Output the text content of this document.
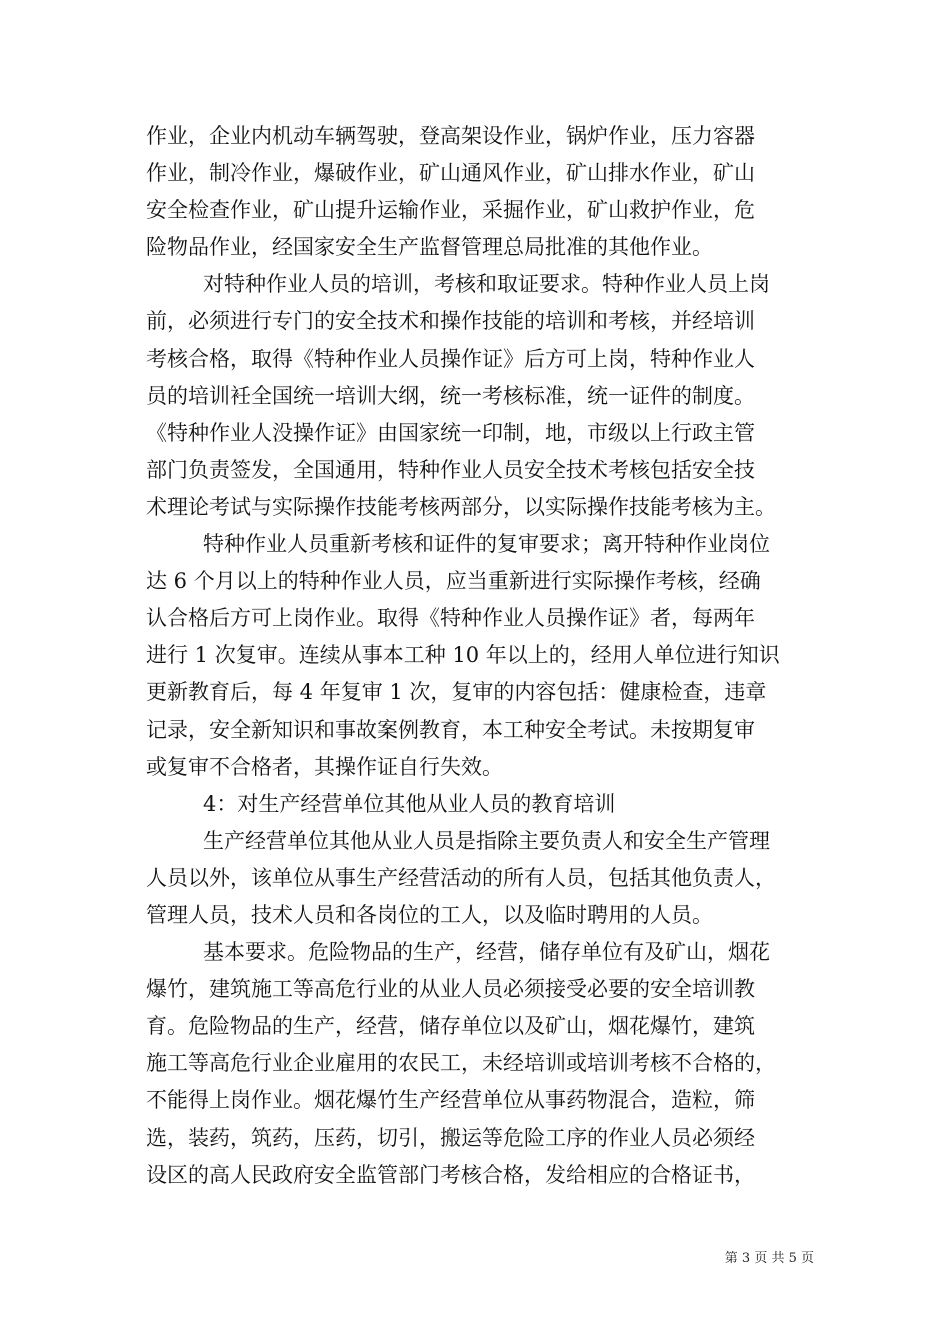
作业，企业内机动车辆驾驶，登高架设作业，锅炉作业，压力容器
作业，制冷作业，爆破作业，矿山通风作业，矿山排水作业，矿山
安全检查作业，矿山提升运输作业，采掘作业，矿山救护作业，危
险物品作业，经国家安全生产监督管理总局批准的其他作业。
对特种作业人员的培训，考核和取证要求。特种作业人员上岗
前，必须进行专门的安全技术和操作技能的培训和考核，并经培训
考核合格，取得《特种作业人员操作证》后方可上岗，特种作业人
员的培训衽全国统一培训大纲，统一考核标准，统一证件的制度。
《特种作业人没操作证》由国家统一印制，地，市级以上行政主管
部门负责签发，全国通用，特种作业人员安全技术考核包括安全技
术理论考试与实际操作技能考核两部分，以实际操作技能考核为主。
特种作业人员重新考核和证件的复审要求；离开特种作业岗位
达 6 个月以上的特种作业人员，应当重新进行实际操作考核，经确
认合格后方可上岗作业。取得《特种作业人员操作证》者，每两年
进行 1 次复审。连续从事本工种 10 年以上的，经用人单位进行知识
更新教育后，每 4 年复审 1 次，复审的内容包括：健康检查，违章
记录，安全新知识和事故案例教育，本工种安全考试。未按期复审
或复审不合格者，其操作证自行失效。
4：对生产经营单位其他从业人员的教育培训
生产经营单位其他从业人员是指除主要负责人和安全生产管理
人员以外，该单位从事生产经营活动的所有人员，包括其他负责人，
管理人员，技术人员和各岗位的工人，以及临时聘用的人员。
基本要求。危险物品的生产，经营，储存单位有及矿山，烟花
爆竹，建筑施工等高危行业的从业人员必须接受必要的安全培训教
育。危险物品的生产，经营，储存单位以及矿山，烟花爆竹，建筑
施工等高危行业企业雇用的农民工，未经培训或培训考核不合格的，
不能得上岗作业。烟花爆竹生产经营单位从事药物混合，造粒，筛
选，装药，筑药，压药，切引，搬运等危险工序的作业人员必须经
设区的高人民政府安全监管部门考核合格，发给相应的合格证书，
第 3 页 共 5 页
